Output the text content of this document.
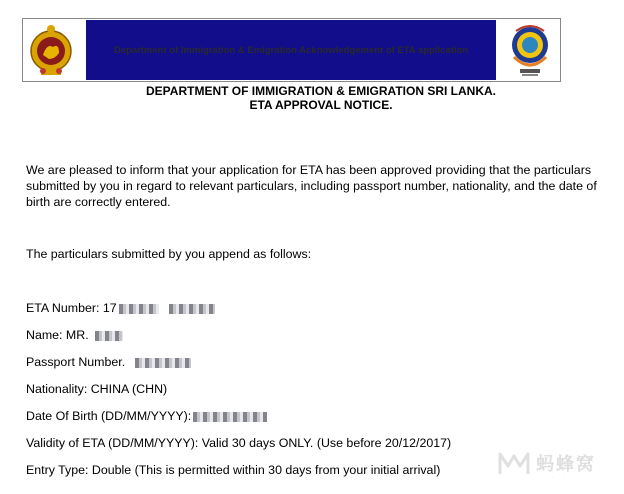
Department of Immigration & Emigration Acknowledgement of ETA application
DEPARTMENT OF IMMIGRATION & EMIGRATION SRI LANKA.
ETA APPROVAL NOTICE.
We are pleased to inform that your application for ETA has been approved providing that the particulars submitted by you in regard to relevant particulars, including passport number, nationality, and the date of birth are correctly entered.
The particulars submitted by you append as follows:
ETA Number: 17
Name: MR.
Passport Number.
Nationality: CHINA (CHN)
Date Of Birth (DD/MM/YYYY):
Validity of ETA (DD/MM/YYYY): Valid 30 days ONLY. (Use before 20/12/2017)
Entry Type: Double (This is permitted within 30 days from your initial arrival)	蚂蜂窝
···
